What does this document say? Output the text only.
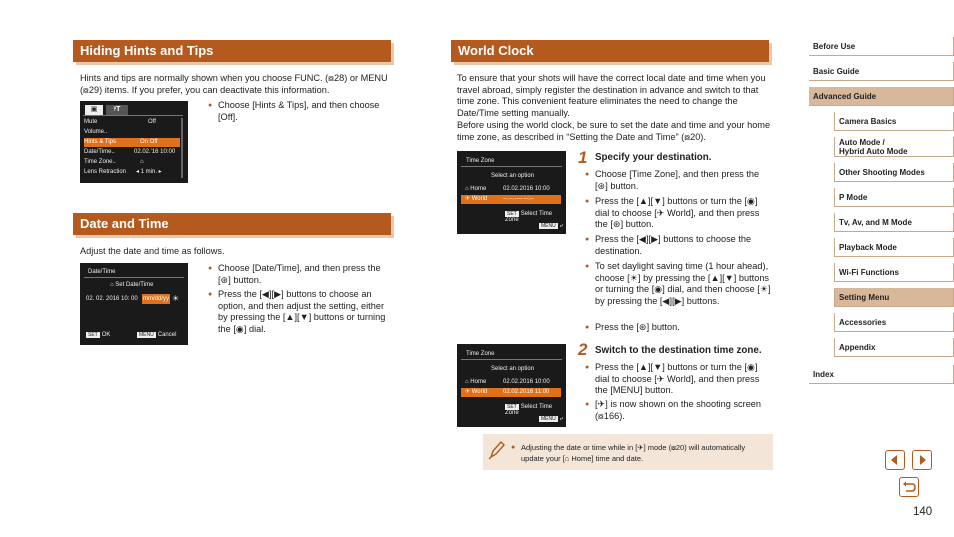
Hiding Hints and Tips
Hints and tips are normally shown when you choose FUNC. (⧇28) or MENU (⧇29) items. If you prefer, you can deactivate this information.
▣	ʸT
Mute	Off
Volume..
Hints & Tips	On Off
Date/Time..	02.02.'16 10:00
Time Zone..	⌂
Lens Retraction ◂ 1 min. ▸
● Choose [Hints & Tips], and then choose [Off].
Date and Time
Adjust the date and time as follows.
Date/Time
⌂ Set Date/Time
02. 02. 2016 10: 00 mm/dd/yy ☀
SET OK	MENU Cancel
● Choose [Date/Time], and then press the [⊛] button.
● Press the [◀][▶] buttons to choose an option, and then adjust the setting, either by pressing the [▲][▼] buttons or turning the [◉] dial.
World Clock
To ensure that your shots will have the correct local date and time when you travel abroad, simply register the destination in advance and switch to that time zone. This convenient feature eliminates the need to change the Date/Time setting manually.
Before using the world clock, be sure to set the date and time and your home time zone, as described in “Setting the Date and Time” (⧇20).
Time Zone
Select an option
⌂ Home	02.02.2016 10:00
✈ World	--.--.---- --:--
SET Select Time Zone
MENU ⤶
1 Specify your destination.
● Choose [Time Zone], and then press the [⊛] button.
● Press the [▲][▼] buttons or turn the [◉] dial to choose [✈ World], and then press the [⊛] button.
● Press the [◀][▶] buttons to choose the destination.
● To set daylight saving time (1 hour ahead), choose [☀] by pressing the [▲][▼] buttons or turning the [◉] dial, and then choose [☀] by pressing the [◀][▶] buttons.
● Press the [⊛] button.
Time Zone
Select an option
⌂ Home	02.02.2016 10:00
✈ World	02.02.2016 11:00
SET Select Time Zone
MENU ⤶
2 Switch to the destination time zone.
● Press the [▲][▼] buttons or turn the [◉] dial to choose [✈ World], and then press the [MENU] button.
● [✈] is now shown on the shooting screen (⧇166).
● Adjusting the date or time while in [✈] mode (⧇20) will automatically update your [⌂ Home] time and date.
Before Use
Basic Guide
Advanced Guide
Camera Basics
Auto Mode /
Hybrid Auto Mode
Other Shooting Modes
P Mode
Tv, Av, and M Mode
Playback Mode
Wi-Fi Functions
Setting Menu
Accessories
Appendix
Index
140
